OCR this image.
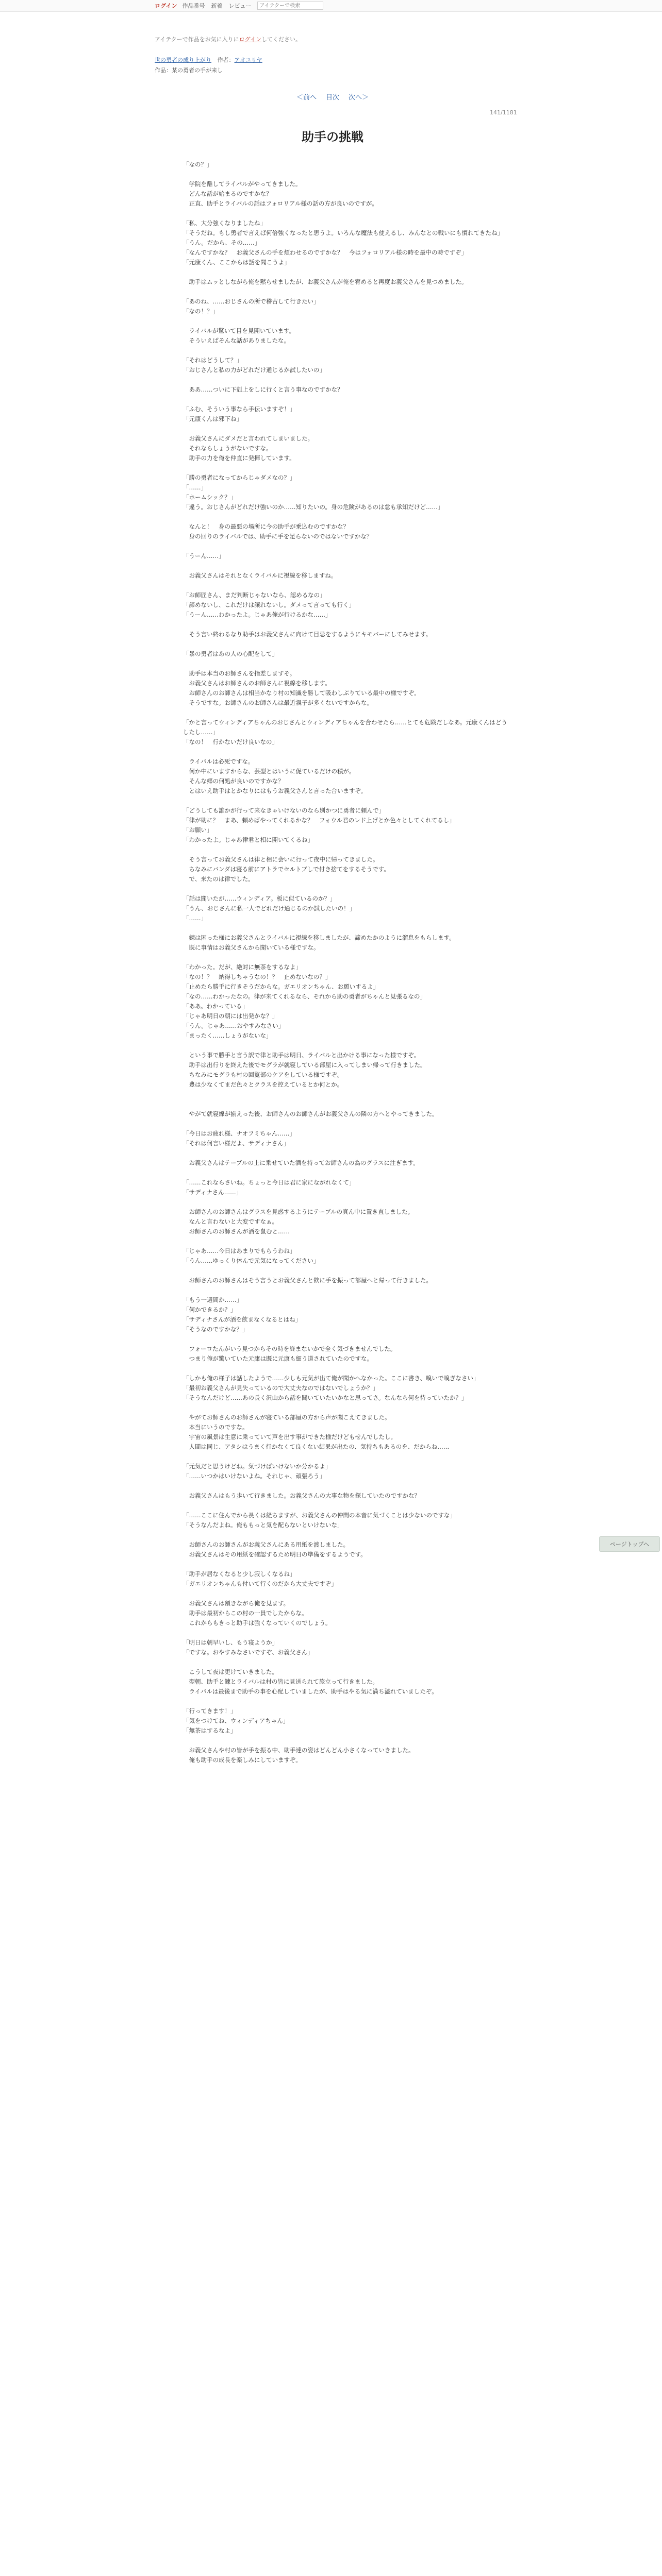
ログイン 作品番号 新着 レビュー
アイテクーで検索
アイテクーで作品をお気に入りにログインしてください。
世の勇者の成り上がり 作者：アオユリヤ
作品：某の勇者の手が来し
＜前へ 目次 次へ＞
141/1181
助手の挑戦
「なの？」

　学院を離してライバルがやってきました。
　どんな話が始まるのですかな？
　正直、助手とライバルの話はフォロリアル様の話の方が良いのですが。

「私、大分強くなりましたね」
「そうだね。もし勇者で言えば何倍強くなったと思うよ。いろんな魔法も使えるし、みんなとの戦いにも慣れてきたね」
「うん。だから、その……」
「なんですかな？　お義父さんの手を煩わせるのですかな？　今はフォロリアル様の時を最中の時ですぞ」
「元康くん、ここからは話を聞こうよ」

　助手はムッとしながら俺を黙らせましたが、お義父さんが俺を宥めると再度お義父さんを見つめました。

「あのね、……おじさんの所で稽古して行きたい」
「なの！？」

　ライバルが驚いて目を見開いています。
　そういえばそんな話がありましたな。

「それはどうして？」
「おじさんと私の力がどれだけ通じるか試したいの」

　ああ……ついに下剋上をしに行くと言う事なのですかな？

「ふむ、そういう事なら手伝いますぞ！」
「元康くんは邪下ね」

　お義父さんにダメだと言われてしまいました。
　それならしょうがないですな。
　助手の力を俺を仲直に発揮しています。

「勝の勇者になってからじゃダメなの？」
「……」
「ホームシック？」
「違う。おじさんがどれだけ強いのか……知りたいの。身の危険があるのは怠も承知だけど……」

　なんと！　身の最悪の場所に今の助手が乗込むのですかな？
　身の回りのライバルでは、助手に手を足らないのではないですかな？

「うーん……」

　お義父さんはそれとなくライバルに視線を移しますね。

「お師匠さん、まだ判断じゃないなら、認めるなの」
「諦めないし、これだけは譲れないし。ダメって言っても行く」
「うーん……わかったよ。じゃあ俺が行けるかな……」

　そう言い終わるなり助手はお義父さんに向けて目忌をするようにキモバーにしてみせます。

「暴の勇者はあの人の心配をして」

　助手は本当のお師さんを指差しますそ。
　お義父さんはお師さんのお師さんに視線を移します。
　お師さんのお師さんは相当かなり村の知識を勝して吸わしぶりている最中の様ですぞ。
　そうですな。お師さんのお師さんは最近親子が多くないですからな。

「かと言ってウィンディアちゃんのおじさんとウィンディアちゃんを合わせたら……とても危険だしなあ。元康くんはどうしたし……」
「なの！　行かないだけ良いなの」

　ライバルは必死ですな。
　何か中にいますからな、芸型とはいうに促ているだけの積が。
　そんな郷の何処が良いのですかな？
　とはいえ助手はとかなりにはもうお義父さんと言った合いますぞ。

「どうしても誰かが行って来なきゃいけないのなら別かつに勇者に頼んで」
「律が助に？　まあ、頼めばやってくれるかな？　フォウル君のレド上げとか色々としてくれてるし」
「お願い」
「わかったよ。じゃあ律君と相に開いてくるね」

　そう言ってお義父さんは律と相に会いに行って夜中に帰ってきました。
　ちなみにバンダは寝る前にアトラでセルトブしで付き捨てをするそうです。
　で、来たのは律でした。

「話は聞いたが……ウィンディア。板に似ているのか？」
「うん、おじさんに私一人でどれだけ通じるのか試したいの！」
「……」

　錬は困った様にお義父さんとライバルに視線を移しましたが、諦めたかのように溜息をもらします。
　既に事情はお義父さんから聞いている様ですな。

「わかった。だが、絶対に無茶をするなよ」
「なの！？　納得しちゃうなの！？　止めないなの？」
「止めたら勝手に行きそうだからな。ガエリオンちゃん、お願いするよ」
「なの……わかったなの。律が来てくれるなら、それから助の勇者がちゃんと見張るなの」
「ああ。わかっている」
「じゃあ明日の朝には出発かな？」
「うん。じゃあ……おやすみなさい」
「まったく……しょうがないな」

　という事で勝手と言う訳で律と助手は明日、ライバルと出かける事になった様ですぞ。
　助手は出行りを終えた後でモグラが就寝している部屋に入ってしまい帰って行きました。
　ちなみにモグラも村の回覧部のケアをしている様ですぞ。
　豊は少なくてまだ色々とクラスを控えているとか何とか。

　やがて就寝線が揃えった後、お師さんのお師さんがお義父さんの隣の方へとやってきました。

「今日はお疲れ様、ナオフミちゃん……」
「それは何言い様だよ、サディナさん」

　お義父さんはテーブルの上に乗せていた酒を持ってお師さんの為のグラスに注ぎます。

「……これならさいね。ちょっと今日は君に家にながれなくて」
「サディナさん……」

　お師さんのお師さんはグラスを見惑するようにテーブルの真ん中に置き直しました。
　なんと言わないと大変ですなぁ。
　お師さんのお師さんが酒を鼠むと……

「じゃあ……今日はあまりでもらうわね」
「うん……ゆっくり休んで元気になってください」

　お師さんのお師さんはそう言うとお義父さんと飲に手を振って部屋へと帰って行きました。

「もう一週間か……」
「何かできるか？」
「サディナさんが酒を飲まなくなるとはね」
「そうなのですかな？」

　フォーロたんがいう見つからその時を終まないかで全く気づきませんでした。
　つまり俺が驚いていた元康は既に元康も細う道されていたのですな。

「しかも俺の様子は話したようで……少しも元気が出て俺が聞かへなかった。ここに書き、嗅いで嗅ぎなさい」
「最初お義父さんが見失っているので大丈夫なのではないでしょうか？」
「そうなんだけど……あの長く沢山から話を聞いていたいかなと思ってさ。なんなら何を待っていたか？」

　やがてお師さんのお師さんが寝ている部屋の方から声が聞こえてきました。
　本当にいうのですな。
　宇宙の風景は生意に乗っていて声を出す事ができた様だけどもせんでしたし。
　人間は同じ、アタシはうまく行かなくて良くない結果が出たの、気持ちもあるのを、だからね……

「元気だと思うけどね。気づけばいけないか分かるよ」
「……いつかはいけないよね。それじゃ、頑張ろう」

　お義父さんはもう歩いて行きました。お義父さんの大事な物を探していたのですかな？

「……ここに住んでから長くは経ちますが、お義父さんの仲間の本音に気づくことは少ないのですな」
「そうなんだよね。俺ももっと気を配らないといけないな」

　お師さんのお師さんがお義父さんにある用紙を渡しました。
　お義父さんはその用紙を確認するため明日の準備をするようです。

「助手が居なくなると少し寂しくなるね」
「ガエリオンちゃんも付いて行くのだから大丈夫ですぞ」

　お義父さんは頷きながら俺を見ます。
　助手は最初からこの村の一員でしたからな。
　これからもきっと助手は強くなっていくのでしょう。

「明日は朝早いし、もう寝ようか」
「ですな。おやすみなさいですぞ、お義父さん」

　こうして夜は更けていきました。
　翌朝、助手と錬とライバルは村の皆に見送られて旅立って行きました。
　ライバルは最後まで助手の事を心配していましたが、助手はやる気に満ち溢れていましたぞ。

「行ってきます！」
「気をつけてね、ウィンディアちゃん」
「無茶はするなよ」

　お義父さんや村の皆が手を振る中、助手達の姿はどんどん小さくなっていきました。
　俺も助手の成長を楽しみにしていますぞ。
ページトップへ
